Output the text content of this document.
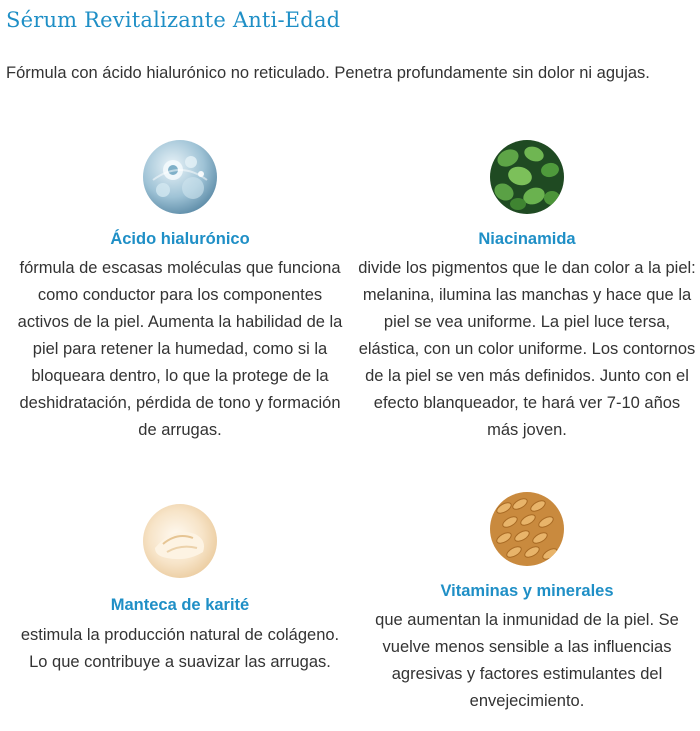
Sérum Revitalizante Anti-Edad

Fórmula con ácido hialurónico no reticulado. Penetra profundamente sin dolor ni agujas.

Ácido hialurónico

fórmula de escasas moléculas que funciona como conductor para los componentes activos de la piel. Aumenta la habilidad de la piel para retener la humedad, como si la bloqueara dentro, lo que la protege de la deshidratación, pérdida de tono y formación de arrugas.

Niacinamida

divide los pigmentos que le dan color a la piel: melanina, ilumina las manchas y hace que la piel se vea uniforme. La piel luce tersa, elástica, con un color uniforme. Los contornos de la piel se ven más definidos. Junto con el efecto blanqueador, te hará ver 7-10 años más joven.

Manteca de karité

estimula la producción natural de colágeno. Lo que contribuye a suavizar las arrugas.

Vitaminas y minerales

que aumentan la inmunidad de la piel. Se vuelve menos sensible a las influencias agresivas y factores estimulantes del envejecimiento.
